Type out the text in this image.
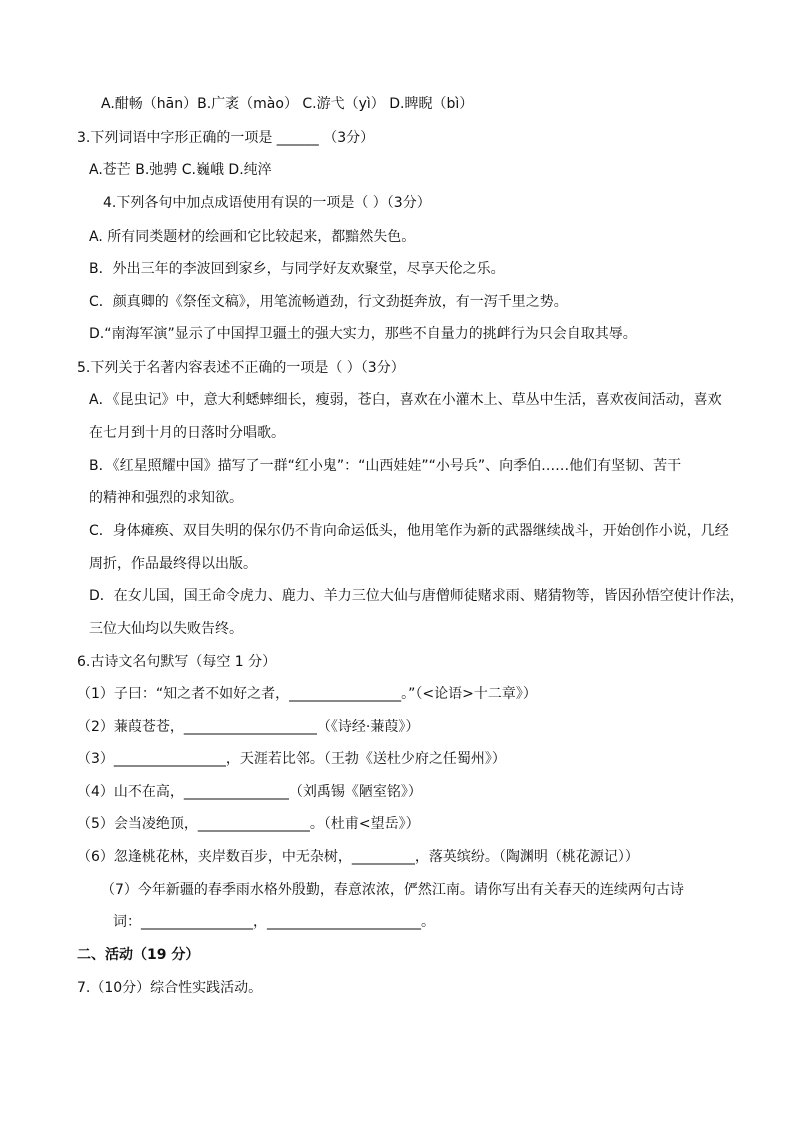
A.酣畅（hān）B.广袤（mào） C.游弋（yì） D.睥睨（bì）
3.下列词语中字形正确的一项是 ______ （3分）
A.苍芒 B.弛骋 C.巍峨 D.纯淬
4.下列各句中加点成语使用有误的一项是（ ）（3分）
A. 所有同类题材的绘画和它比较起来，都黯然失色。
B．外出三年的李波回到家乡，与同学好友欢聚堂，尽享天伦之乐。
C．颜真卿的《祭侄文稿》，用笔流畅遒劲，行文劲挺奔放，有一泻千里之势。
D.“南海军演”显示了中国捍卫疆土的强大实力，那些不自量力的挑衅行为只会自取其辱。
5.下列关于名著内容表述不正确的一项是（ ）（3分）
A．《昆虫记》中，意大利蟋蟀细长，瘦弱，苍白，喜欢在小灌木上、草丛中生活，喜欢夜间活动，喜欢
在七月到十月的日落时分唱歌。
B．《红星照耀中国》描写了一群“红小鬼”：“山西娃娃”“小号兵”、向季伯……他们有坚韧、苦干
的精神和强烈的求知欲。
C．身体瘫痪、双目失明的保尔仍不肯向命运低头，他用笔作为新的武器继续战斗，开始创作小说，几经
周折，作品最终得以出版。
D．在女儿国，国王命令虎力、鹿力、羊力三位大仙与唐僧师徒赌求雨、赌猜物等，皆因孙悟空使计作法，
三位大仙均以失败告终。
6.古诗文名句默写（每空 1 分）
（1）子曰：“知之者不如好之者，________________。”（<论语>十二章》）
（2）蒹葭苍苍，___________________（《诗经·蒹葭》）
（3）________________，天涯若比邻。（王勃《送杜少府之任蜀州》）
（4）山不在高，_______________（刘禹锡《陋室铭》）
（5）会当凌绝顶，________________。（杜甫<望岳》）
（6）忽逢桃花林，夹岸数百步，中无杂树，_________，落英缤纷。（陶渊明（桃花源记））
（7）今年新疆的春季雨水格外殷勤，春意浓浓，俨然江南。请你写出有关春天的连续两句古诗
词：________________，______________________。
二、活动（19 分）
7.（10分）综合性实践活动。
